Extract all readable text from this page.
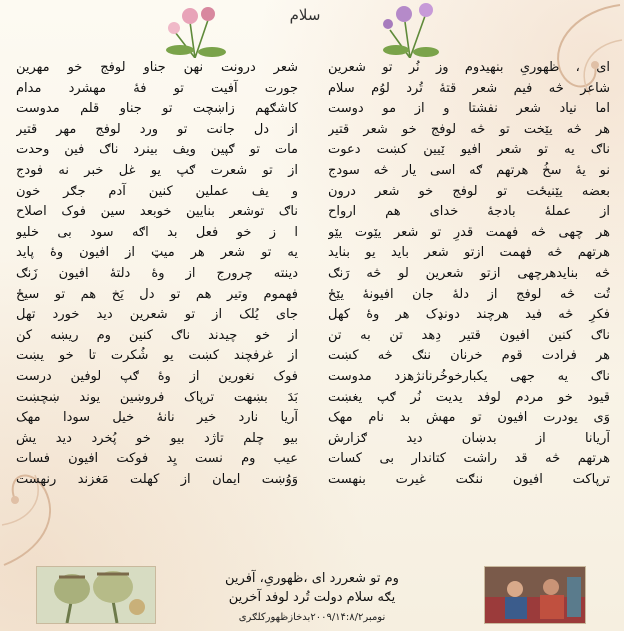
سلام
ای ، ظهوریِ بنهیدوم وز نُر تو شعرین
شاعر څه فیم شعر قتهٔ تُرد لوُم سلام
اما نیاد شعر نفشتا و از مو دوست
هر څه یێخت تو څه لوفج خو شعر قتیر
ناګ یه تو شعر افیو ێیین کښت دعوت
نو یهٔ سخُ هرتهم ګه اسی یار څه سودج
بعضه یێنیځت تو لوفج خو شعر درون
از عملهٔ بادجهٔ خدای هم ارواح
هر چهی څه فهمت قدرِ تو شعر یێوت یێو
هرتهم څه فهمت ازتو شعر باید یو بناید
څه بنایدهرچهی ازتو شعرین لو څه رَنګ
تُت څه لوفج از دلهٔ جان افیونهٔ یێځ
فکرِ څه فید هرچند دونډک هر وهٔ کهل
ناګ کنین افیون قتیر دِهد تن به تن
هر فرادت قوم خرنان ننګ څه کښت
ناګ یه جهی یکبارخوخُرنانژهزد مدوست
قیود خو مردم لوفد یدیت نُر ګپ یغښت
وَی یودرت افیون تو مهش بد نام مهک
آریانا از بدښان دید ګزارش
هرتهم څه قد راشت کتاندار بی کسات
ترپاکت افیون ننګت غیرت بنهست
شعر درونت نهن جناو لوفج خو مهرین
جورت آفیت تو فهٔ مهشرد مدام
کاشګهم زاښچت تو جناو قلم مدوست
از دل جانت تو ورد لوفج مهر قتیر
مات تو ګپین ویف بینرد ناګ فین وحدت
از تو شعرت ګپ یو غل خبر نه فودج
و یف عملین کنین آدم جګر خون
ناګ توشعر بنایین خوبعد سین فوک اصلاح
ا ز خو فعل بد اګه سود بی خلیو
یه تو شعر هر میټ از افیون وهٔ پاید
دینته چرورج از وهٔ دلتهٔ افیون زَنګ
فهموم وتیر هم تو دل یَخ هم تو سیځ
جای یُلک از تو شعرین دید خورد تهل
از خو چیدند ناګ کنین وم ریښه کن
از غرفچند کښت یو شُکرت تا خو یښت
فوک نغورین از وهٔ ګپ لوفین درست
بَدَ بښهت ترپاک فروښین یوند ښچښت
آریا نارد خیر نانهٔ خیل سودا مهک
بیو چلم تاژد بیو خو پُخرد دید یش
عیب وم نست یِد فوکت افیون فسات
وَوُښت ایمان از کهلت مَغزند رنهست
وم تو شعررد ای ،ظهوریِ، آفرین
یګه سلام دولت تُرد لوفد آخرین
نومبر۲۰۰۹/۱۴:۸/۲بدخازظهورکلګری
